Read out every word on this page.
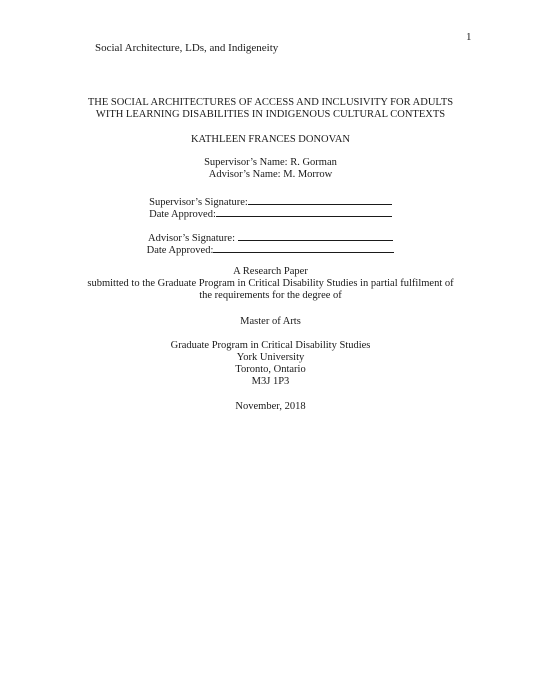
1
Social Architecture, LDs, and Indigeneity
THE SOCIAL ARCHITECTURES OF ACCESS AND INCLUSIVITY FOR ADULTS
WITH LEARNING DISABILITIES IN INDIGENOUS CULTURAL CONTEXTS
KATHLEEN FRANCES DONOVAN
Supervisor’s Name: R. Gorman
Advisor’s Name: M. Morrow
Supervisor’s Signature:
Date Approved:
Advisor’s Signature:
Date Approved:
A Research Paper
submitted to the Graduate Program in Critical Disability Studies in partial fulfilment of
the requirements for the degree of
Master of Arts
Graduate Program in Critical Disability Studies
York University
Toronto, Ontario
M3J 1P3
November, 2018
